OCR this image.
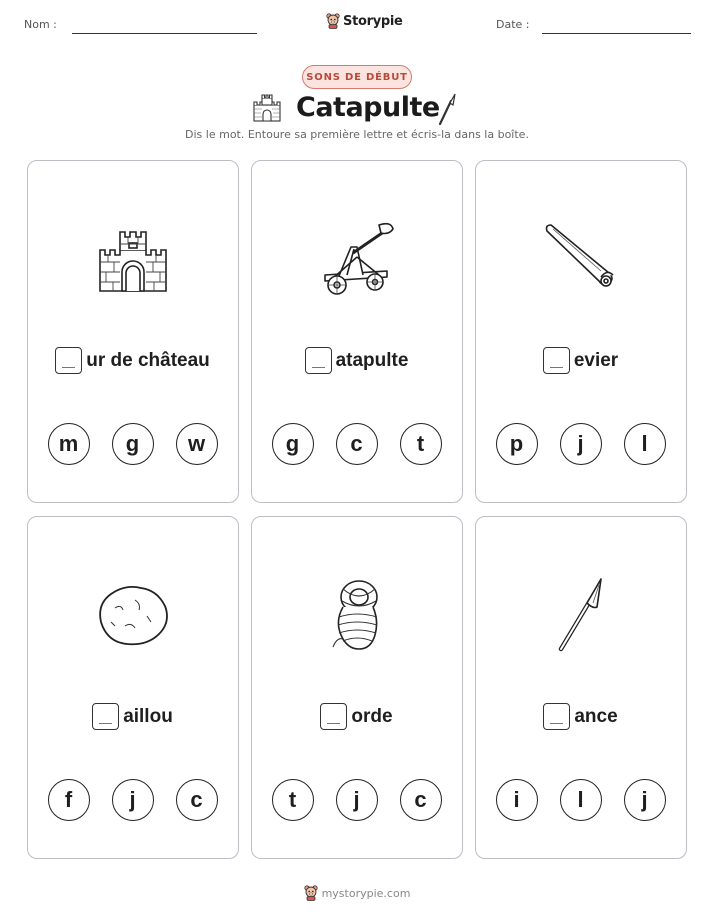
Nom :	Storypie	Date :
SONS DE DÉBUT
Catapulte
Dis le mot. Entoure sa première lettre et écris-la dans la boîte.
ur de château
m	g	w
atapulte
g	c	t
evier
p	j	l
aillou
f	j	c
orde
t	j	c
ance
i	l	j
mystorypie.com
